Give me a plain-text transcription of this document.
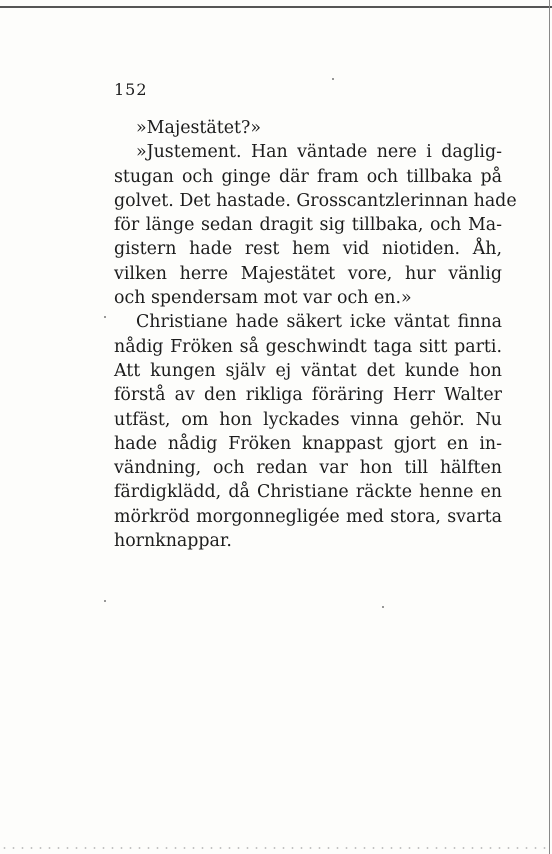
152
»Majestätet?»
»Justement. Han väntade nere i daglig-
stugan och ginge där fram och tillbaka på
golvet. Det hastade. Grosscantzlerinnan hade
för länge sedan dragit sig tillbaka, och Ma-
gistern hade rest hem vid niotiden. Åh,
vilken herre Majestätet vore, hur vänlig
och spendersam mot var och en.»
Christiane hade säkert icke väntat finna
nådig Fröken så geschwindt taga sitt parti.
Att kungen själv ej väntat det kunde hon
förstå av den rikliga föräring Herr Walter
utfäst, om hon lyckades vinna gehör. Nu
hade nådig Fröken knappast gjort en in-
vändning, och redan var hon till hälften
färdigklädd, då Christiane räckte henne en
mörkröd morgonnegligée med stora, svarta
hornknappar.
